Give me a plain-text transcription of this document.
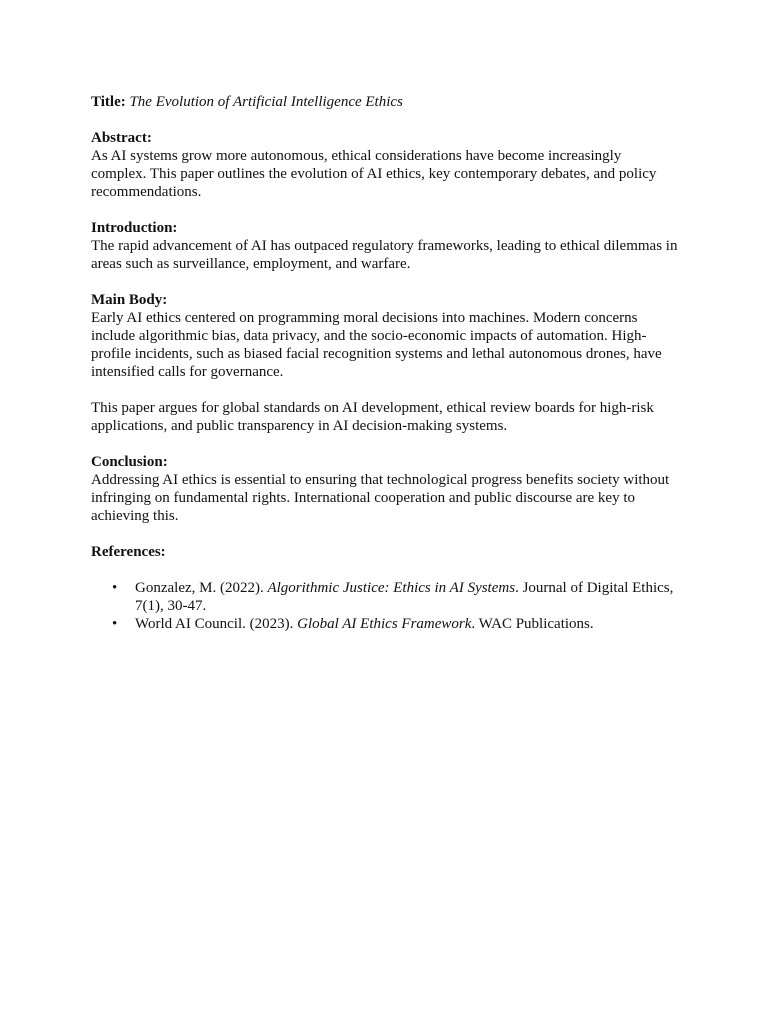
Title: The Evolution of Artificial Intelligence Ethics
Abstract:

As AI systems grow more autonomous, ethical considerations have become increasingly complex. This paper outlines the evolution of AI ethics, key contemporary debates, and policy recommendations.

Introduction:

The rapid advancement of AI has outpaced regulatory frameworks, leading to ethical dilemmas in areas such as surveillance, employment, and warfare.

Main Body:

Early AI ethics centered on programming moral decisions into machines. Modern concerns include algorithmic bias, data privacy, and the socio-economic impacts of automation. High-profile incidents, such as biased facial recognition systems and lethal autonomous drones, have intensified calls for governance.

This paper argues for global standards on AI development, ethical review boards for high-risk applications, and public transparency in AI decision-making systems.

Conclusion:

Addressing AI ethics is essential to ensuring that technological progress benefits society without infringing on fundamental rights. International cooperation and public discourse are key to achieving this.

References:
• Gonzalez, M. (2022). Algorithmic Justice: Ethics in AI Systems. Journal of Digital Ethics, 7(1), 30-47.
• World AI Council. (2023). Global AI Ethics Framework. WAC Publications.
